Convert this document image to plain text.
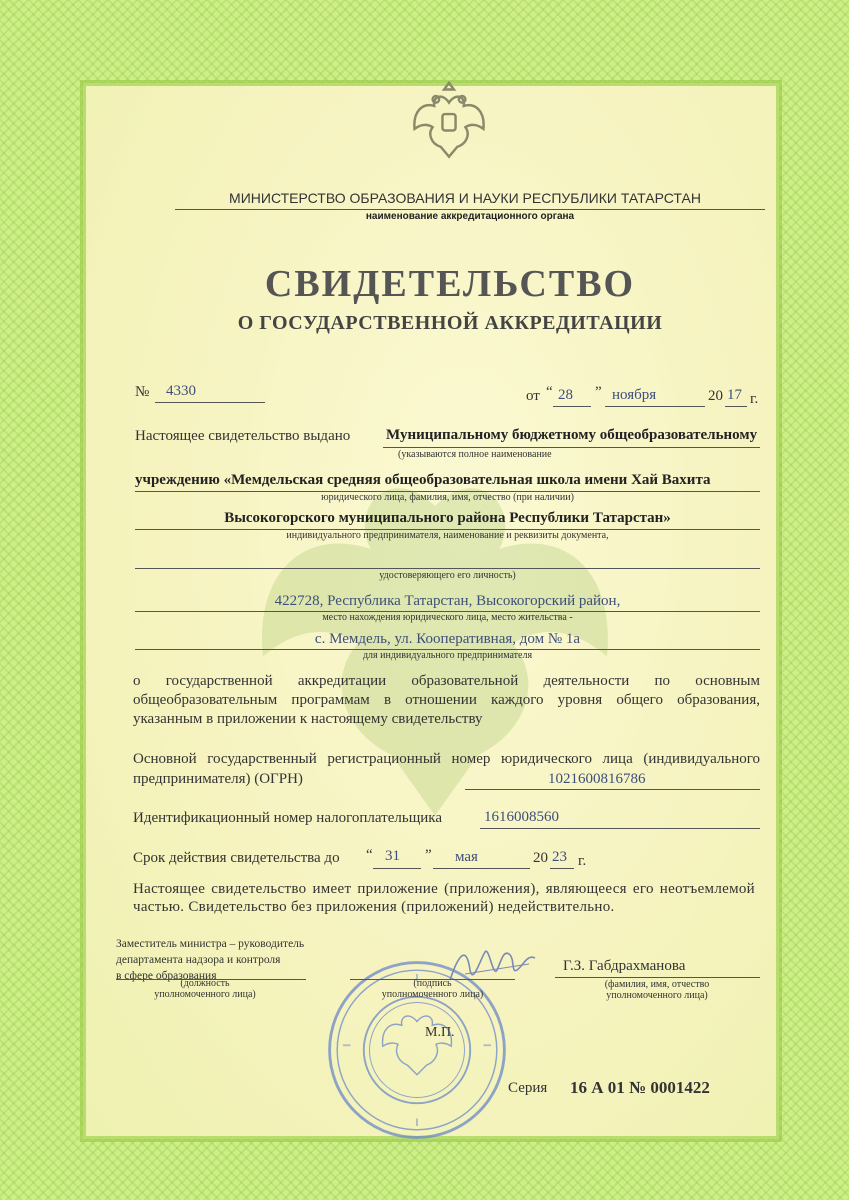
МИНИСТЕРСТВО ОБРАЗОВАНИЯ И НАУКИ РЕСПУБЛИКИ ТАТАРСТАН
наименование аккредитационного органа
СВИДЕТЕЛЬСТВО
О ГОСУДАРСТВЕННОЙ АККРЕДИТАЦИИ
№ 4330	от “ 28 ” ноября	20 17 г.
Настоящее свидетельство выдано Муниципальному бюджетному общеобразовательному
(указываются полное наименование
учреждению «Мемдельская средняя общеобразовательная школа имени Хай Вахита
юридического лица, фамилия, имя, отчество (при наличии)
Высокогорского муниципального района Республики Татарстан»
индивидуального предпринимателя, наименование и реквизиты документа,
удостоверяющего его личность)
422728, Республика Татарстан, Высокогорский район,
место нахождения юридического лица, место жительства -
с. Мемдель, ул. Кооперативная, дом № 1а
для индивидуального предпринимателя
о государственной аккредитации образовательной деятельности по основным общеобразовательным программам в отношении каждого уровня общего образования, указанным в приложении к настоящему свидетельству
Основной государственный регистрационный номер юридического лица (индивидуального предпринимателя) (ОГРН)	1021600816786
Идентификационный номер налогоплательщика	1616008560
Срок действия свидетельства до “ 31 ” мая	20 23 г.
Настоящее свидетельство имеет приложение (приложения), являющееся его неотъемлемой частью. Свидетельство без приложения (приложений) недействительно.
Заместитель министра – руководитель
департамента надзора и контроля
в сфере образования
(должность
уполномоченного лица)
(подпись
уполномоченного лица)
Г.З. Габдрахманова
(фамилия, имя, отчество
уполномоченного лица)
М.П.
Серия 16 А 01 № 0001422
